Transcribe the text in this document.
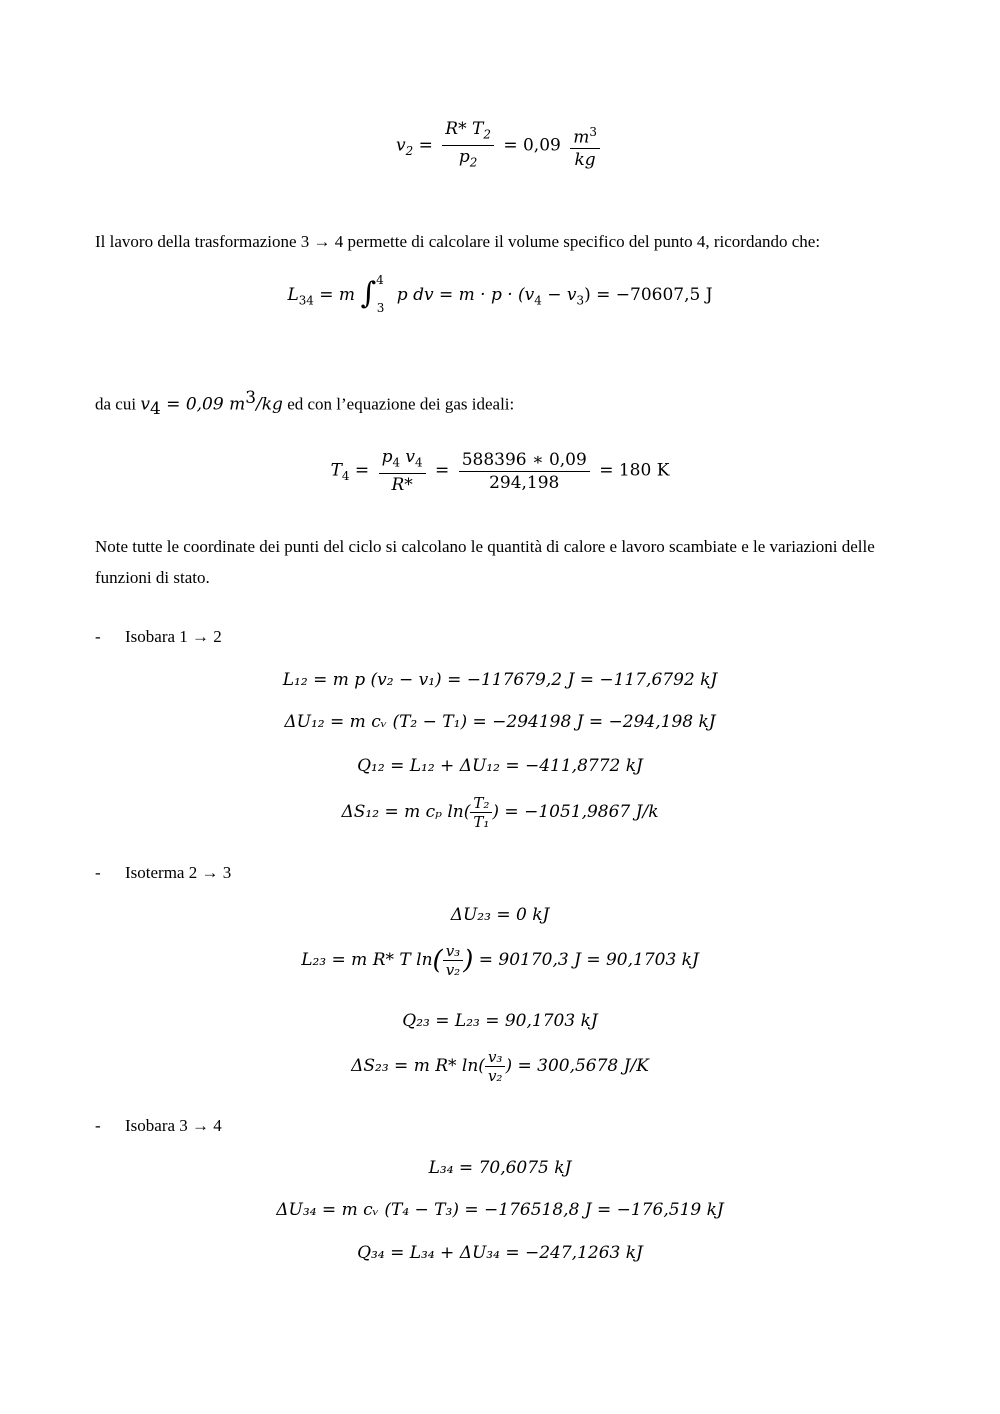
$v_2 = \frac{R* T_2}{p_2} = 0,09 \frac{m^3}{kg}$
Il lavoro della trasformazione 3 → 4 permette di calcolare il volume specifico del punto 4, ricordando che:
$L_{34} = m$ ∫$^4_3$ p dv = $m \cdot p \cdot (v_4 - v_3) = -70607,5$ J
da cui $v_4 = 0,09$ $m^3/kg$ ed con l’equazione dei gas ideali:
$T_4 = \frac{p_4 v_4}{R*} = \frac{588396 ∗ 0,09}{294,198} = 180$ K
Note tutte le coordinate dei punti del ciclo si calcolano le quantità di calore e lavoro scambiate e le variazioni delle funzioni di stato.
- Isobara 1 → 2
L₁₂ = m p (v₂ − v₁) = −117679,2 J = −117,6792 kJ
ΔU₁₂ = m cᵥ (T₂ − T₁) = −294198 J = −294,198 kJ
Q₁₂ = L₁₂ + ΔU₁₂ = −411,8772 kJ
ΔS₁₂ = m cₚ $\ln( \frac{\text{T₂}}{\text{T₁}}$ ) = −1051,9867 J/k
- Isoterma 2 → 3
ΔU₂₃ = 0 kJ
L₂₃ = m R* T $\ln( \frac{\text{v₃}}{\text{v₂}}$ ) = 90170,3 J = 90,1703 kJ
Q₂₃ = L₂₃ = 90,1703 kJ
ΔS₂₃ = m R* $\ln( \frac{\text{v₃}}{\text{v₂}}$ ) = 300,5678 J/K
- Isobara 3 → 4
L₃₄ = 70,6075 kJ
ΔU₃₄ = m cᵥ (T₄ − T₃) = −176518,8 J = −176,519 kJ
Q₃₄ = L₃₄ + ΔU₃₄ = −247,1263 kJ
